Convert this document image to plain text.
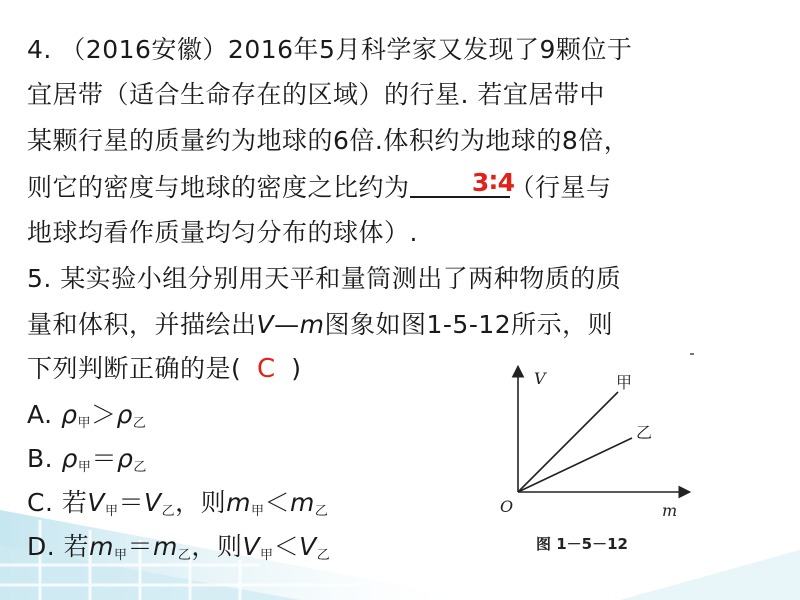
4. （2016安徽）2016年5月科学家又发现了9颗位于
宜居带（适合生命存在的区域）的行星. 若宜居带中
某颗行星的质量约为地球的6倍.体积约为地球的8倍，
则它的密度与地球的密度之比约为 3∶4
（行星与
地球均看作质量均匀分布的球体）.
5. 某实验小组分别用天平和量筒测出了两种物质的质
量和体积，并描绘出V—m图象如图1-5-12所示，则
下列判断正确的是( C )
A. $\rho_甲>\rho_乙$
B. $\rho_甲=\rho_乙$
C. 若$V_甲=V_乙$，则$m_甲<m_乙$
D. 若$m_甲=m_乙$，则$V_甲<V_乙$
V
m
O
甲
乙
图 1－5－12
